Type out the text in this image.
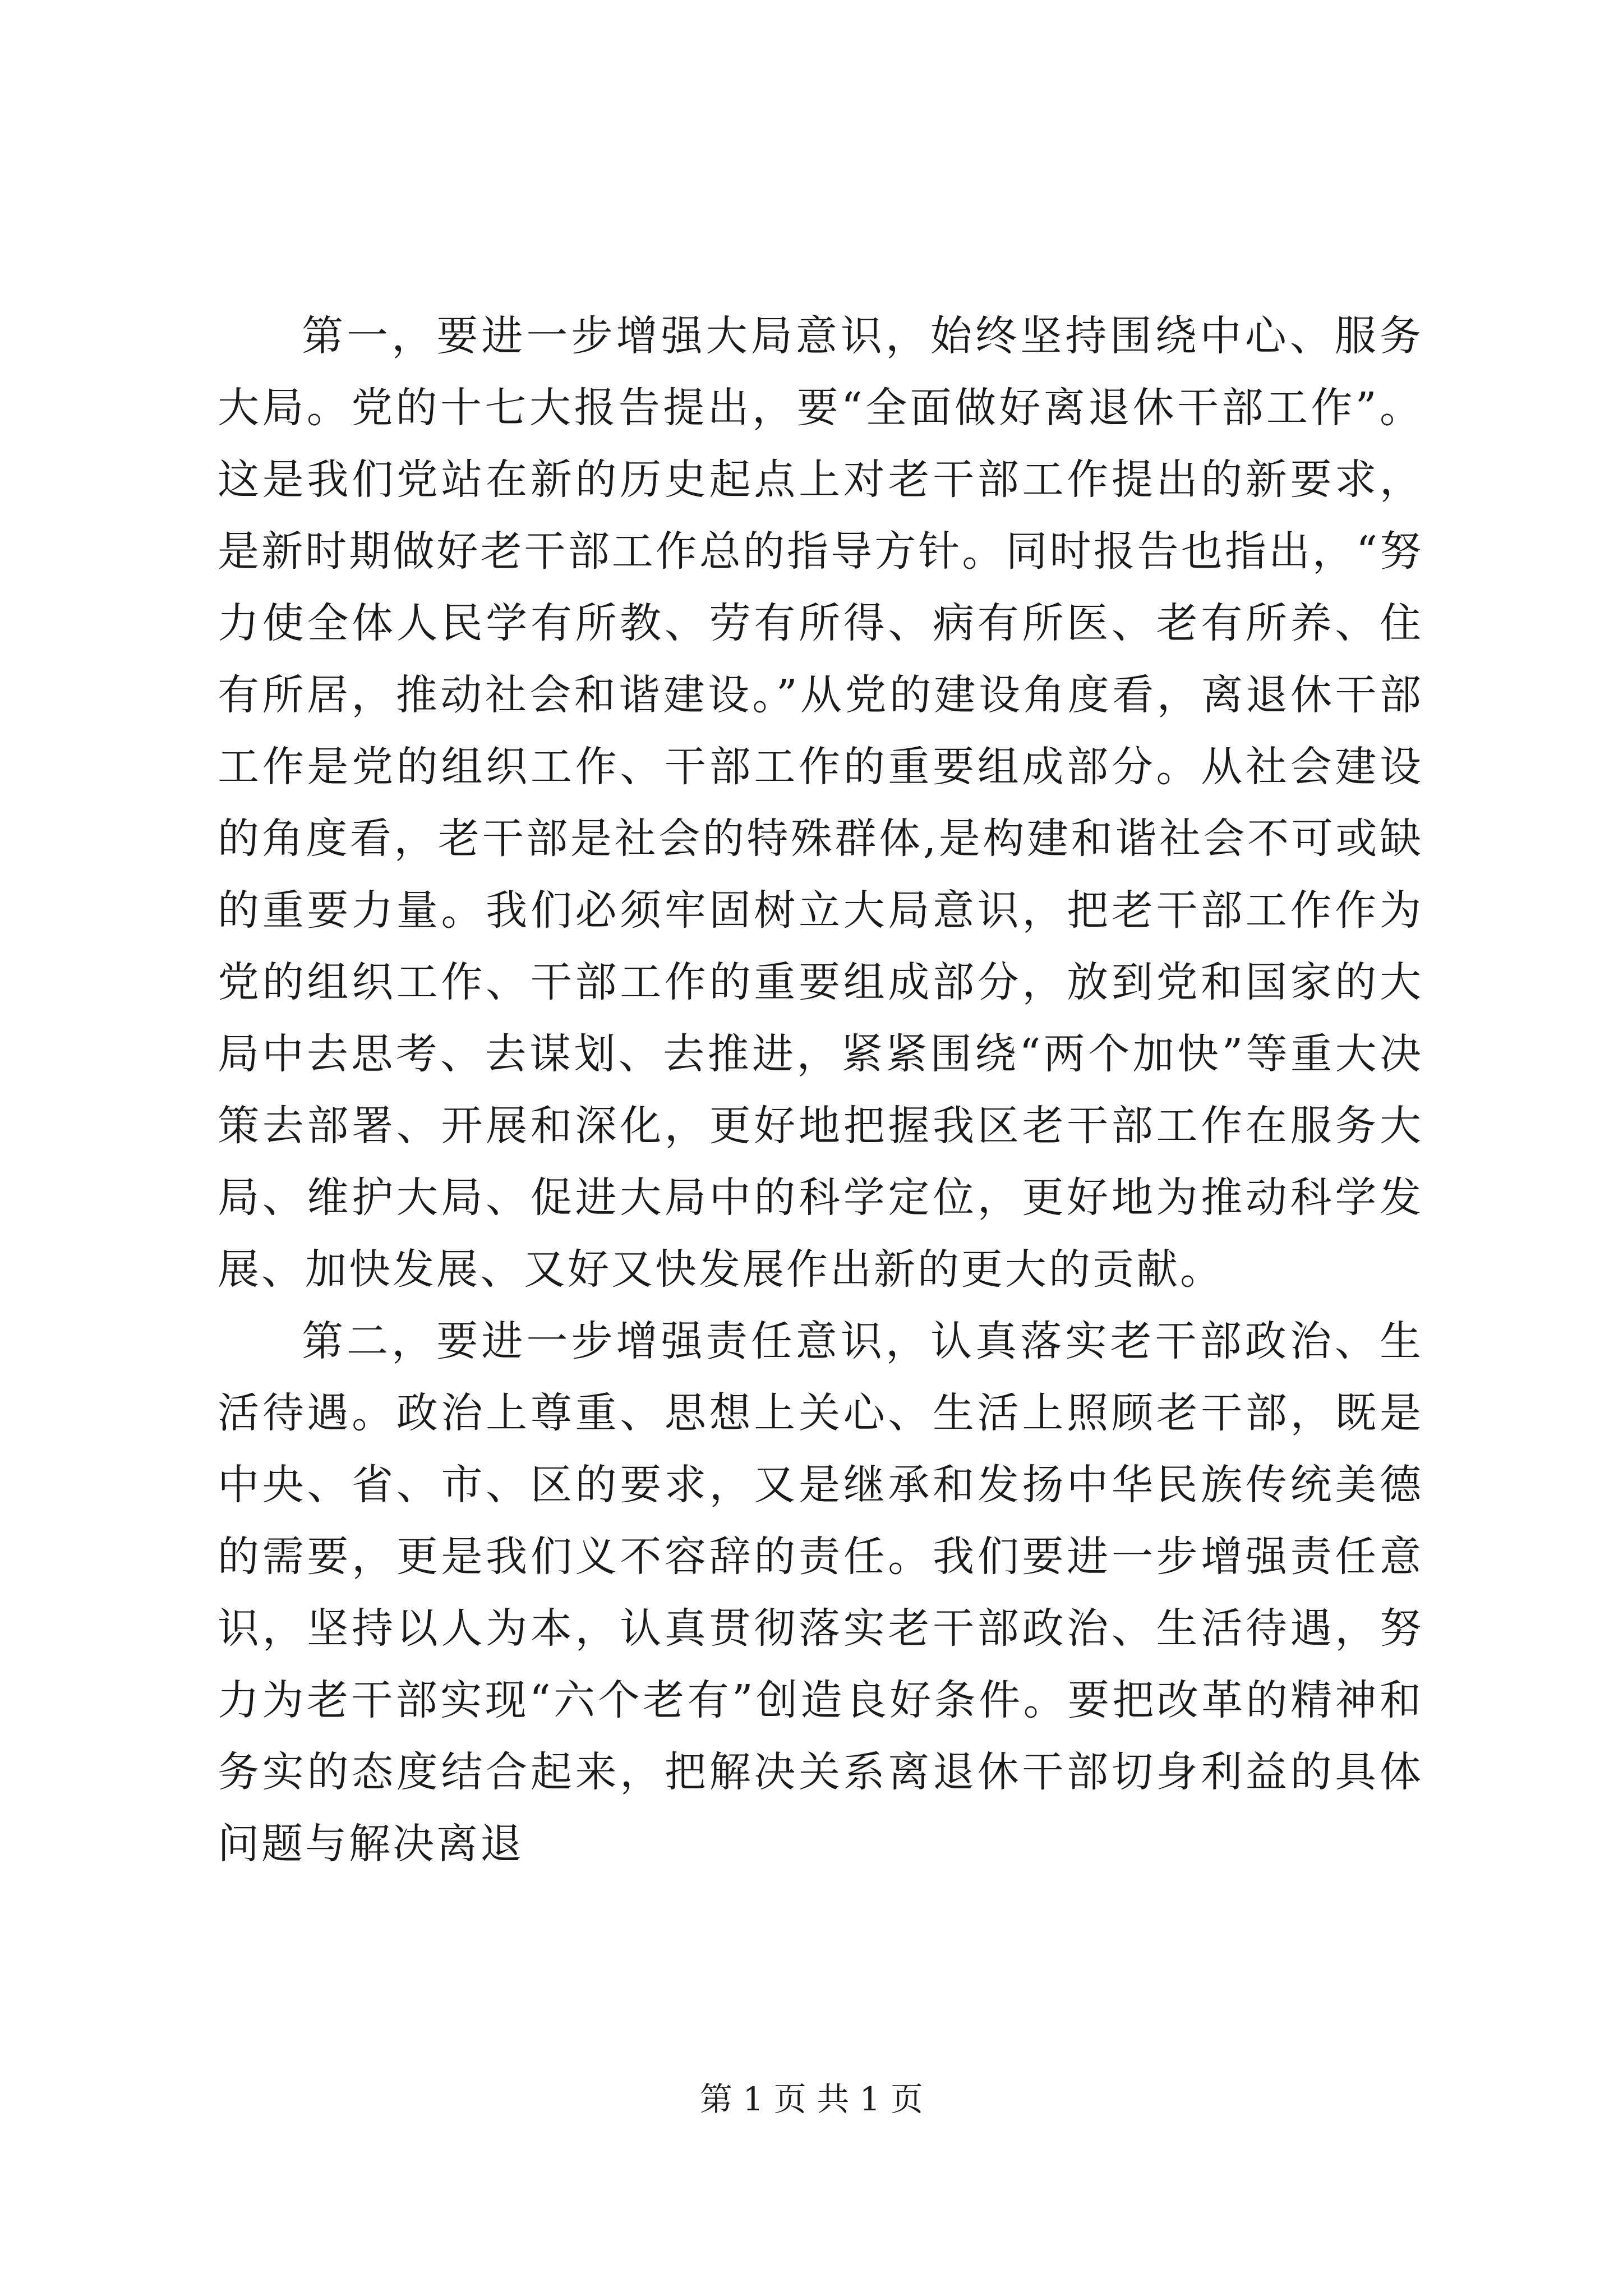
第一，要进一步增强大局意识，始终坚持围绕中心、服务大局。党的十七大报告提出，要“全面做好离退休干部工作”。这是我们党站在新的历史起点上对老干部工作提出的新要求，是新时期做好老干部工作总的指导方针。同时报告也指出，“努力使全体人民学有所教、劳有所得、病有所医、老有所养、住有所居，推动社会和谐建设。”从党的建设角度看，离退休干部工作是党的组织工作、干部工作的重要组成部分。从社会建设的角度看，老干部是社会的特殊群体,是构建和谐社会不可或缺的重要力量。我们必须牢固树立大局意识，把老干部工作作为党的组织工作、干部工作的重要组成部分，放到党和国家的大局中去思考、去谋划、去推进，紧紧围绕“两个加快”等重大决策去部署、开展和深化，更好地把握我区老干部工作在服务大局、维护大局、促进大局中的科学定位，更好地为推动科学发展、加快发展、又好又快发展作出新的更大的贡献。

第二，要进一步增强责任意识，认真落实老干部政治、生活待遇。政治上尊重、思想上关心、生活上照顾老干部，既是中央、省、市、区的要求，又是继承和发扬中华民族传统美德的需要，更是我们义不容辞的责任。我们要进一步增强责任意识，坚持以人为本，认真贯彻落实老干部政治、生活待遇，努力为老干部实现“六个老有”创造良好条件。要把改革的精神和务实的态度结合起来，把解决关系离退休干部切身利益的具体问题与解决离退

第 1 页 共 1 页
